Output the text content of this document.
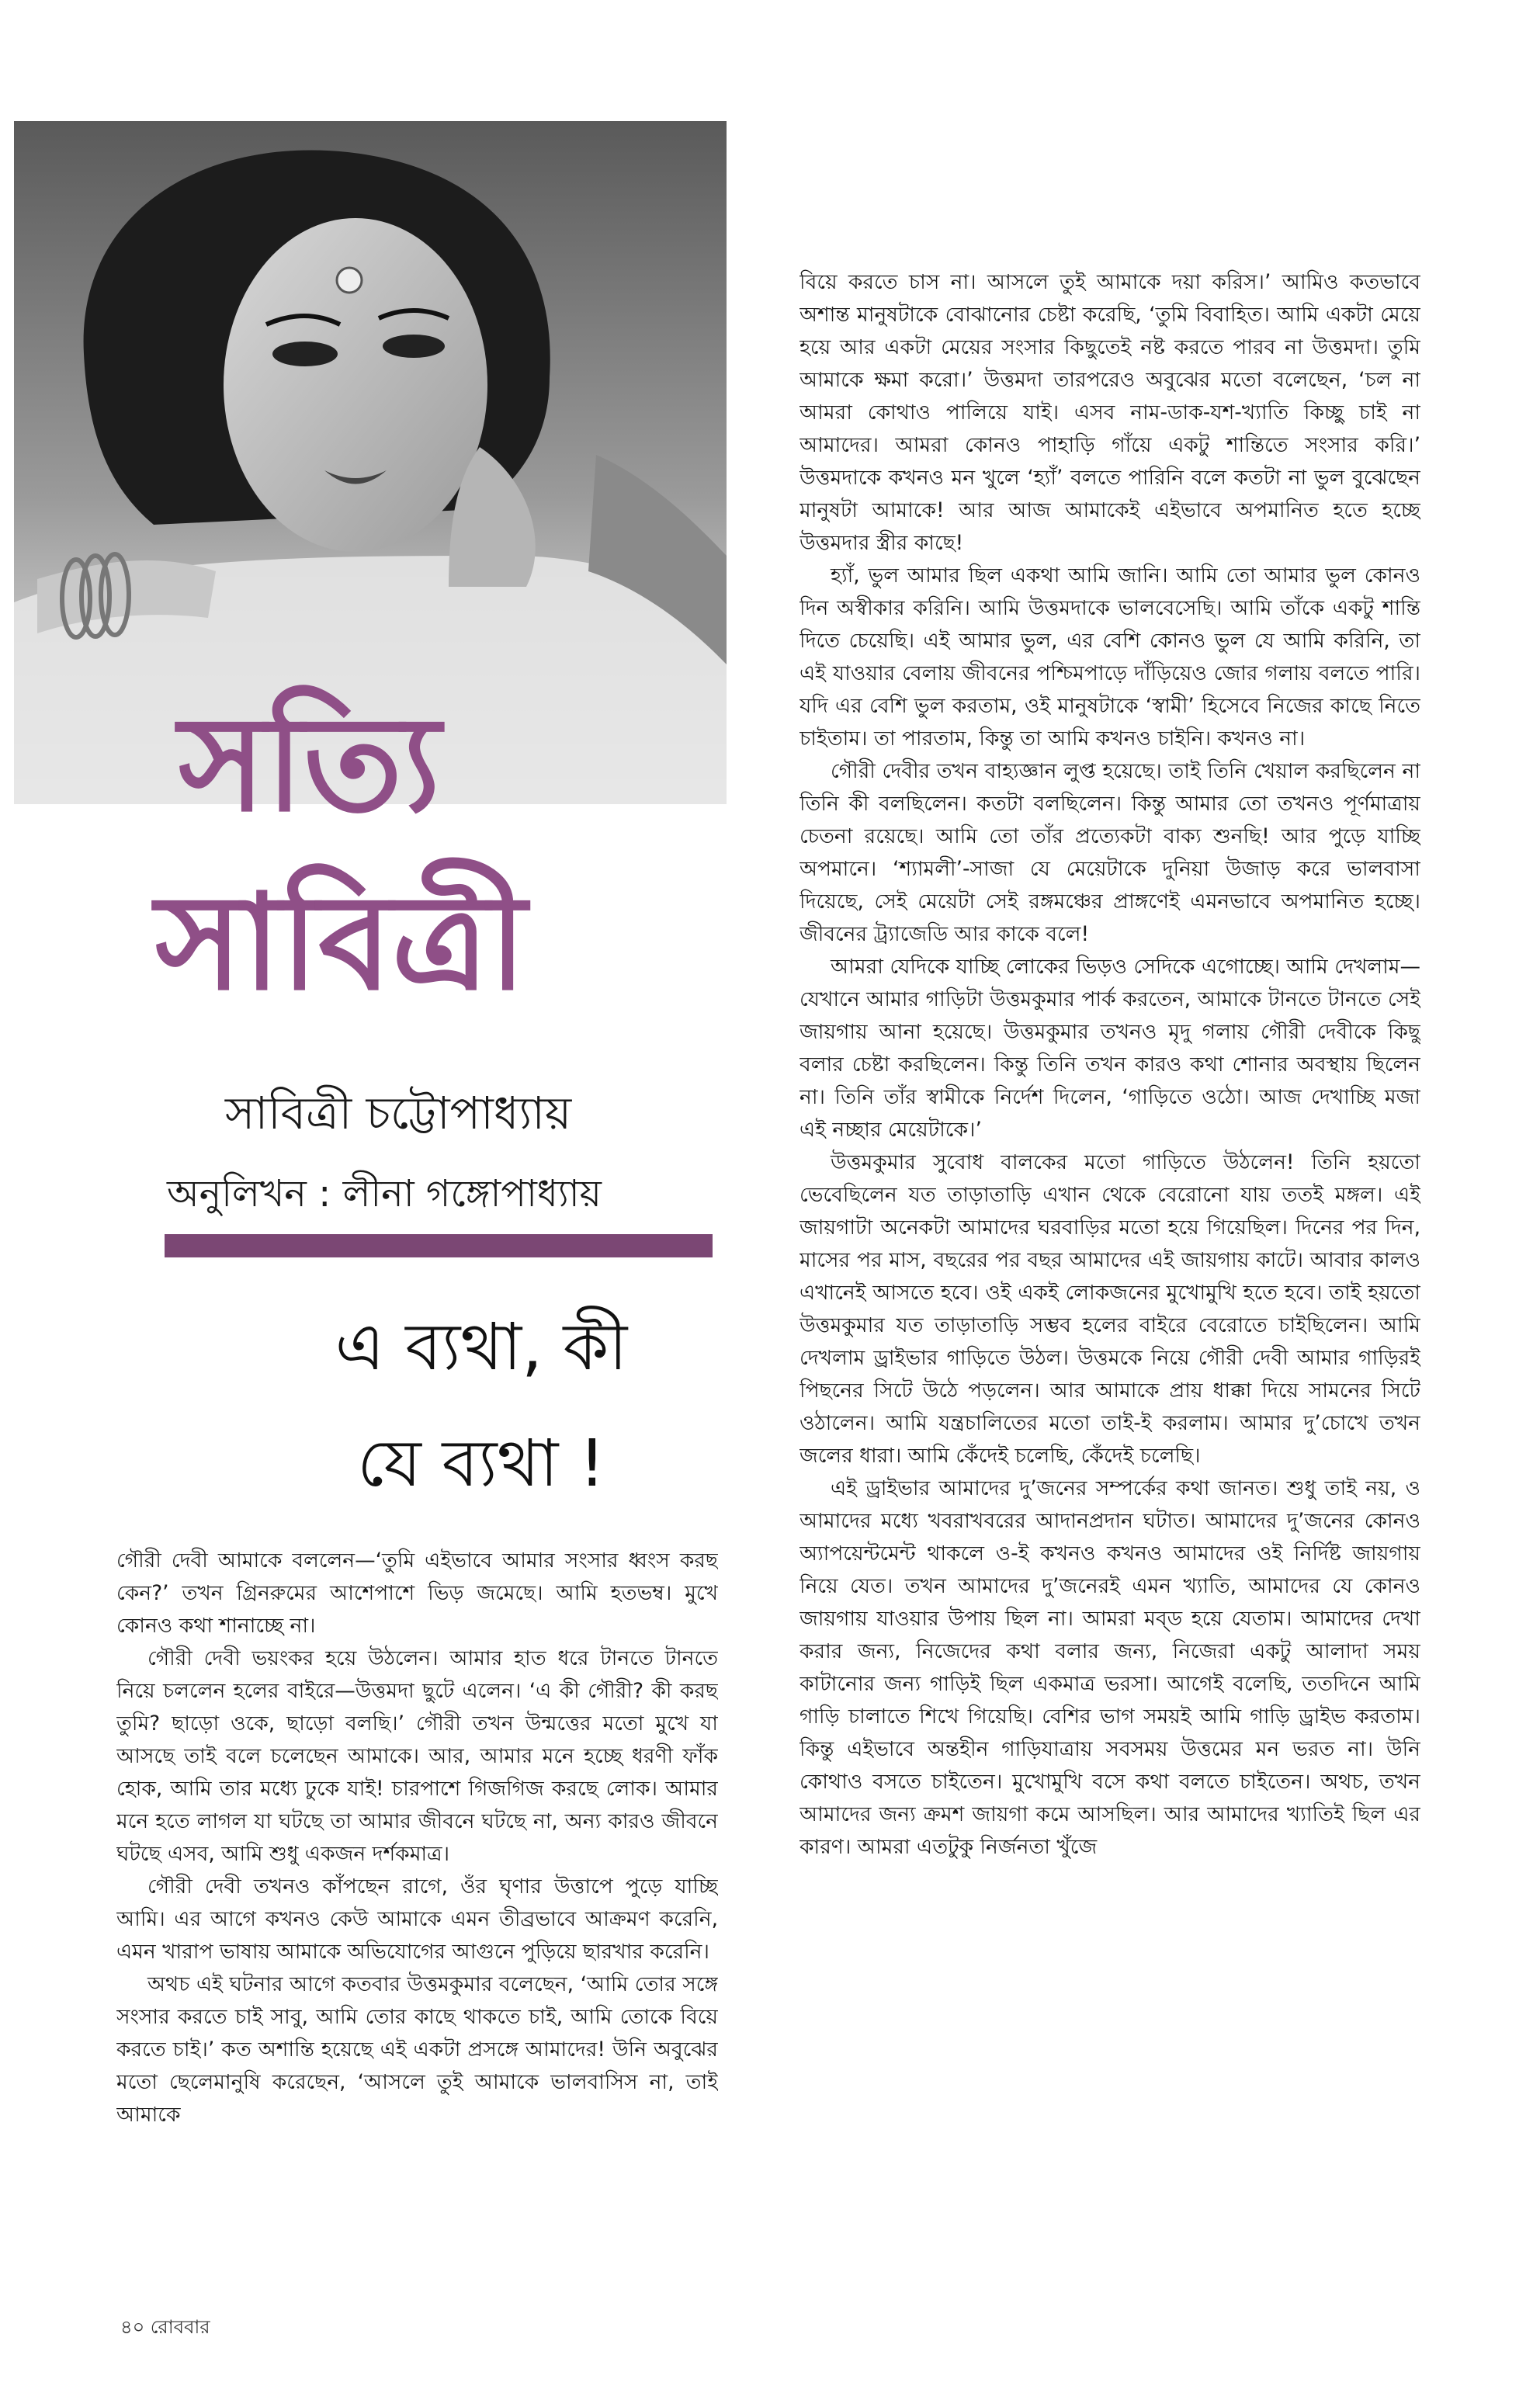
সত্যি
সাবিত্রী
সাবিত্রী চট্টোপাধ্যায়
অনুলিখন : লীনা গঙ্গোপাধ্যায়
এ ব্যথা, কী
যে ব্যথা !

গৌরী দেবী আমাকে বললেন—‘তুমি এইভাবে আমার সংসার ধ্বংস করছ কেন?’ তখন গ্রিনরুমের আশেপাশে ভিড় জমেছে। আমি হতভম্ব। মুখে কোনও কথা শানাচ্ছে না।

গৌরী দেবী ভয়ংকর হয়ে উঠলেন। আমার হাত ধরে টানতে টানতে নিয়ে চললেন হলের বাইরে—উত্তমদা ছুটে এলেন। ‘এ কী গৌরী? কী করছ তুমি? ছাড়ো ওকে, ছাড়ো বলছি।’ গৌরী তখন উন্মত্তের মতো মুখে যা আসছে তাই বলে চলেছেন আমাকে। আর, আমার মনে হচ্ছে ধরণী ফাঁক হোক, আমি তার মধ্যে ঢুকে যাই! চারপাশে গিজগিজ করছে লোক। আমার মনে হতে লাগল যা ঘটছে তা আমার জীবনে ঘটছে না, অন্য কারও জীবনে ঘটছে এসব, আমি শুধু একজন দর্শকমাত্র।

গৌরী দেবী তখনও কাঁপছেন রাগে, ওঁর ঘৃণার উত্তাপে পুড়ে যাচ্ছি আমি। এর আগে কখনও কেউ আমাকে এমন তীব্রভাবে আক্রমণ করেনি, এমন খারাপ ভাষায় আমাকে অভিযোগের আগুনে পুড়িয়ে ছারখার করেনি।

অথচ এই ঘটনার আগে কতবার উত্তমকুমার বলেছেন, ‘আমি তোর সঙ্গে সংসার করতে চাই সাবু, আমি তোর কাছে থাকতে চাই, আমি তোকে বিয়ে করতে চাই।’ কত অশান্তি হয়েছে এই একটা প্রসঙ্গে আমাদের! উনি অবুঝের মতো ছেলেমানুষি করেছেন, ‘আসলে তুই আমাকে ভালবাসিস না, তাই আমাকে

বিয়ে করতে চাস না। আসলে তুই আমাকে দয়া করিস।’ আমিও কতভাবে অশান্ত মানুষটাকে বোঝানোর চেষ্টা করেছি, ‘তুমি বিবাহিত। আমি একটা মেয়ে হয়ে আর একটা মেয়ের সংসার কিছুতেই নষ্ট করতে পারব না উত্তমদা। তুমি আমাকে ক্ষমা করো।’ উত্তমদা তারপরেও অবুঝের মতো বলেছেন, ‘চল না আমরা কোথাও পালিয়ে যাই। এসব নাম-ডাক-যশ-খ্যাতি কিচ্ছু চাই না আমাদের। আমরা কোনও পাহাড়ি গাঁয়ে একটু শান্তিতে সংসার করি।’ উত্তমদাকে কখনও মন খুলে ‘হ্যাঁ’ বলতে পারিনি বলে কতটা না ভুল বুঝেছেন মানুষটা আমাকে! আর আজ আমাকেই এইভাবে অপমানিত হতে হচ্ছে উত্তমদার স্ত্রীর কাছে!

হ্যাঁ, ভুল আমার ছিল একথা আমি জানি। আমি তো আমার ভুল কোনও দিন অস্বীকার করিনি। আমি উত্তমদাকে ভালবেসেছি। আমি তাঁকে একটু শান্তি দিতে চেয়েছি। এই আমার ভুল, এর বেশি কোনও ভুল যে আমি করিনি, তা এই যাওয়ার বেলায় জীবনের পশ্চিমপাড়ে দাঁড়িয়েও জোর গলায় বলতে পারি। যদি এর বেশি ভুল করতাম, ওই মানুষটাকে ‘স্বামী’ হিসেবে নিজের কাছে নিতে চাইতাম। তা পারতাম, কিন্তু তা আমি কখনও চাইনি। কখনও না।

গৌরী দেবীর তখন বাহ্যজ্ঞান লুপ্ত হয়েছে। তাই তিনি খেয়াল করছিলেন না তিনি কী বলছিলেন। কতটা বলছিলেন। কিন্তু আমার তো তখনও পূর্ণমাত্রায় চেতনা রয়েছে। আমি তো তাঁর প্রত্যেকটা বাক্য শুনছি! আর পুড়ে যাচ্ছি অপমানে। ‘শ্যামলী’-সাজা যে মেয়েটাকে দুনিয়া উজাড় করে ভালবাসা দিয়েছে, সেই মেয়েটা সেই রঙ্গমঞ্চের প্রাঙ্গণেই এমনভাবে অপমানিত হচ্ছে। জীবনের ট্র্যাজেডি আর কাকে বলে!

আমরা যেদিকে যাচ্ছি লোকের ভিড়ও সেদিকে এগোচ্ছে। আমি দেখলাম—যেখানে আমার গাড়িটা উত্তমকুমার পার্ক করতেন, আমাকে টানতে টানতে সেই জায়গায় আনা হয়েছে। উত্তমকুমার তখনও মৃদু গলায় গৌরী দেবীকে কিছু বলার চেষ্টা করছিলেন। কিন্তু তিনি তখন কারও কথা শোনার অবস্থায় ছিলেন না। তিনি তাঁর স্বামীকে নির্দেশ দিলেন, ‘গাড়িতে ওঠো। আজ দেখাচ্ছি মজা এই নচ্ছার মেয়েটাকে।’

উত্তমকুমার সুবোধ বালকের মতো গাড়িতে উঠলেন! তিনি হয়তো ভেবেছিলেন যত তাড়াতাড়ি এখান থেকে বেরোনো যায় ততই মঙ্গল। এই জায়গাটা অনেকটা আমাদের ঘরবাড়ির মতো হয়ে গিয়েছিল। দিনের পর দিন, মাসের পর মাস, বছরের পর বছর আমাদের এই জায়গায় কাটে। আবার কালও এখানেই আসতে হবে। ওই একই লোকজনের মুখোমুখি হতে হবে। তাই হয়তো উত্তমকুমার যত তাড়াতাড়ি সম্ভব হলের বাইরে বেরোতে চাইছিলেন। আমি দেখলাম ড্রাইভার গাড়িতে উঠল। উত্তমকে নিয়ে গৌরী দেবী আমার গাড়িরই পিছনের সিটে উঠে পড়লেন। আর আমাকে প্রায় ধাক্কা দিয়ে সামনের সিটে ওঠালেন। আমি যন্ত্রচালিতের মতো তাই-ই করলাম। আমার দু’চোখে তখন জলের ধারা। আমি কেঁদেই চলেছি, কেঁদেই চলেছি।

এই ড্রাইভার আমাদের দু’জনের সম্পর্কের কথা জানত। শুধু তাই নয়, ও আমাদের মধ্যে খবরাখবরের আদানপ্রদান ঘটাত। আমাদের দু’জনের কোনও অ্যাপয়েন্টমেন্ট থাকলে ও-ই কখনও কখনও আমাদের ওই নির্দিষ্ট জায়গায় নিয়ে যেত। তখন আমাদের দু’জনেরই এমন খ্যাতি, আমাদের যে কোনও জায়গায় যাওয়ার উপায় ছিল না। আমরা মব্‌ড হয়ে যেতাম। আমাদের দেখা করার জন্য, নিজেদের কথা বলার জন্য, নিজেরা একটু আলাদা সময় কাটানোর জন্য গাড়িই ছিল একমাত্র ভরসা। আগেই বলেছি, ততদিনে আমি গাড়ি চালাতে শিখে গিয়েছি। বেশির ভাগ সময়ই আমি গাড়ি ড্রাইভ করতাম। কিন্তু এইভাবে অন্তহীন গাড়িযাত্রায় সবসময় উত্তমের মন ভরত না। উনি কোথাও বসতে চাইতেন। মুখোমুখি বসে কথা বলতে চাইতেন। অথচ, তখন আমাদের জন্য ক্রমশ জায়গা কমে আসছিল। আর আমাদের খ্যাতিই ছিল এর কারণ। আমরা এতটুকু নির্জনতা খুঁজে

৪০ রোববার
